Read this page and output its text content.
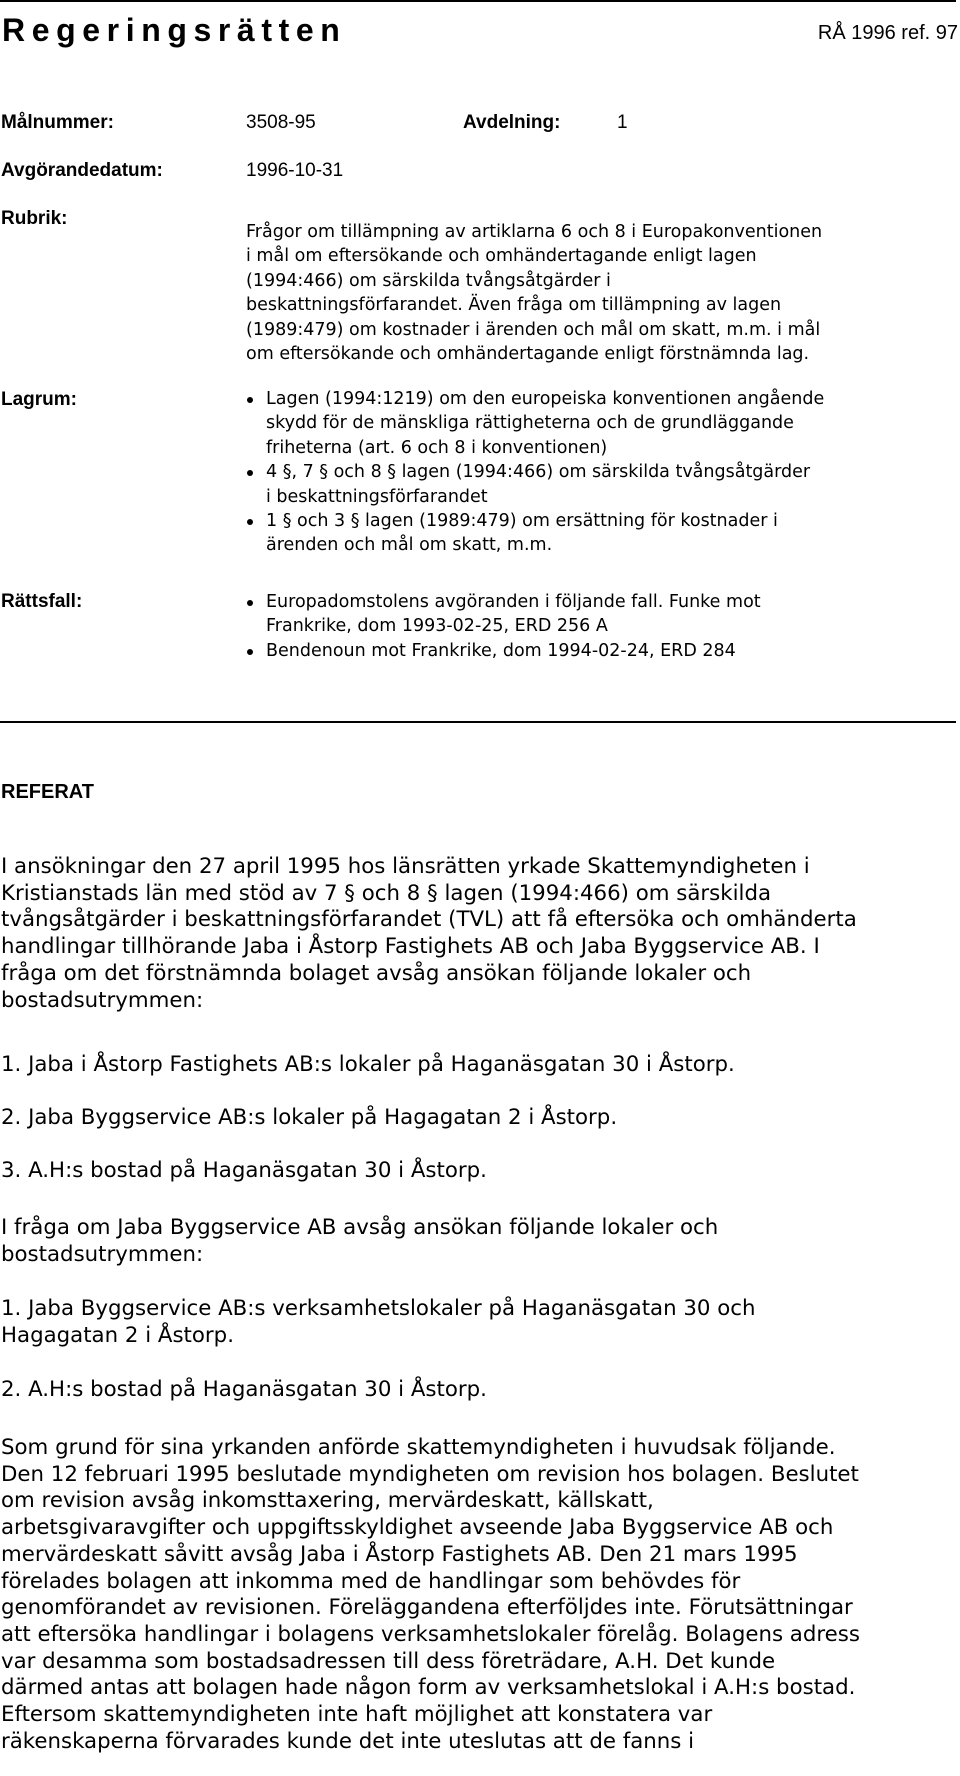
Regeringsrätten	RÅ 1996 ref. 97
Målnummer:	3508-95	Avdelning:	1
Avgörandedatum:	1996-10-31
Rubrik:
Frågor om tillämpning av artiklarna 6 och 8 i Europakonventionen
i mål om eftersökande och omhändertagande enligt lagen
(1994:466) om särskilda tvångsåtgärder i
beskattningsförfarandet. Även fråga om tillämpning av lagen
(1989:479) om kostnader i ärenden och mål om skatt, m.m. i mål
om eftersökande och omhändertagande enligt förstnämnda lag.
Lagrum:	Lagen (1994:1219) om den europeiska konventionen angående
skydd för de mänskliga rättigheterna och de grundläggande
friheterna (art. 6 och 8 i konventionen)
4 §, 7 § och 8 § lagen (1994:466) om särskilda tvångsåtgärder
i beskattningsförfarandet
1 § och 3 § lagen (1989:479) om ersättning för kostnader i
ärenden och mål om skatt, m.m.
Rättsfall:	Europadomstolens avgöranden i följande fall. Funke mot
Frankrike, dom 1993-02-25, ERD 256 A
Bendenoun mot Frankrike, dom 1994-02-24, ERD 284
REFERAT
I ansökningar den 27 april 1995 hos länsrätten yrkade Skattemyndigheten i
Kristianstads län med stöd av 7 § och 8 § lagen (1994:466) om särskilda
tvångsåtgärder i beskattningsförfarandet (TVL) att få eftersöka och omhänderta
handlingar tillhörande Jaba i Åstorp Fastighets AB och Jaba Byggservice AB. I
fråga om det förstnämnda bolaget avsåg ansökan följande lokaler och
bostadsutrymmen:
1. Jaba i Åstorp Fastighets AB:s lokaler på Haganäsgatan 30 i Åstorp.
2. Jaba Byggservice AB:s lokaler på Hagagatan 2 i Åstorp.
3. A.H:s bostad på Haganäsgatan 30 i Åstorp.
I fråga om Jaba Byggservice AB avsåg ansökan följande lokaler och
bostadsutrymmen:
1. Jaba Byggservice AB:s verksamhetslokaler på Haganäsgatan 30 och
Hagagatan 2 i Åstorp.
2. A.H:s bostad på Haganäsgatan 30 i Åstorp.
Som grund för sina yrkanden anförde skattemyndigheten i huvudsak följande.
Den 12 februari 1995 beslutade myndigheten om revision hos bolagen. Beslutet
om revision avsåg inkomsttaxering, mervärdeskatt, källskatt,
arbetsgivaravgifter och uppgiftsskyldighet avseende Jaba Byggservice AB och
mervärdeskatt såvitt avsåg Jaba i Åstorp Fastighets AB. Den 21 mars 1995
förelades bolagen att inkomma med de handlingar som behövdes för
genomförandet av revisionen. Föreläggandena efterföljdes inte. Förutsättningar
att eftersöka handlingar i bolagens verksamhetslokaler förelåg. Bolagens adress
var desamma som bostadsadressen till dess företrädare, A.H. Det kunde
därmed antas att bolagen hade någon form av verksamhetslokal i A.H:s bostad.
Eftersom skattemyndigheten inte haft möjlighet att konstatera var
räkenskaperna förvarades kunde det inte uteslutas att de fanns i
